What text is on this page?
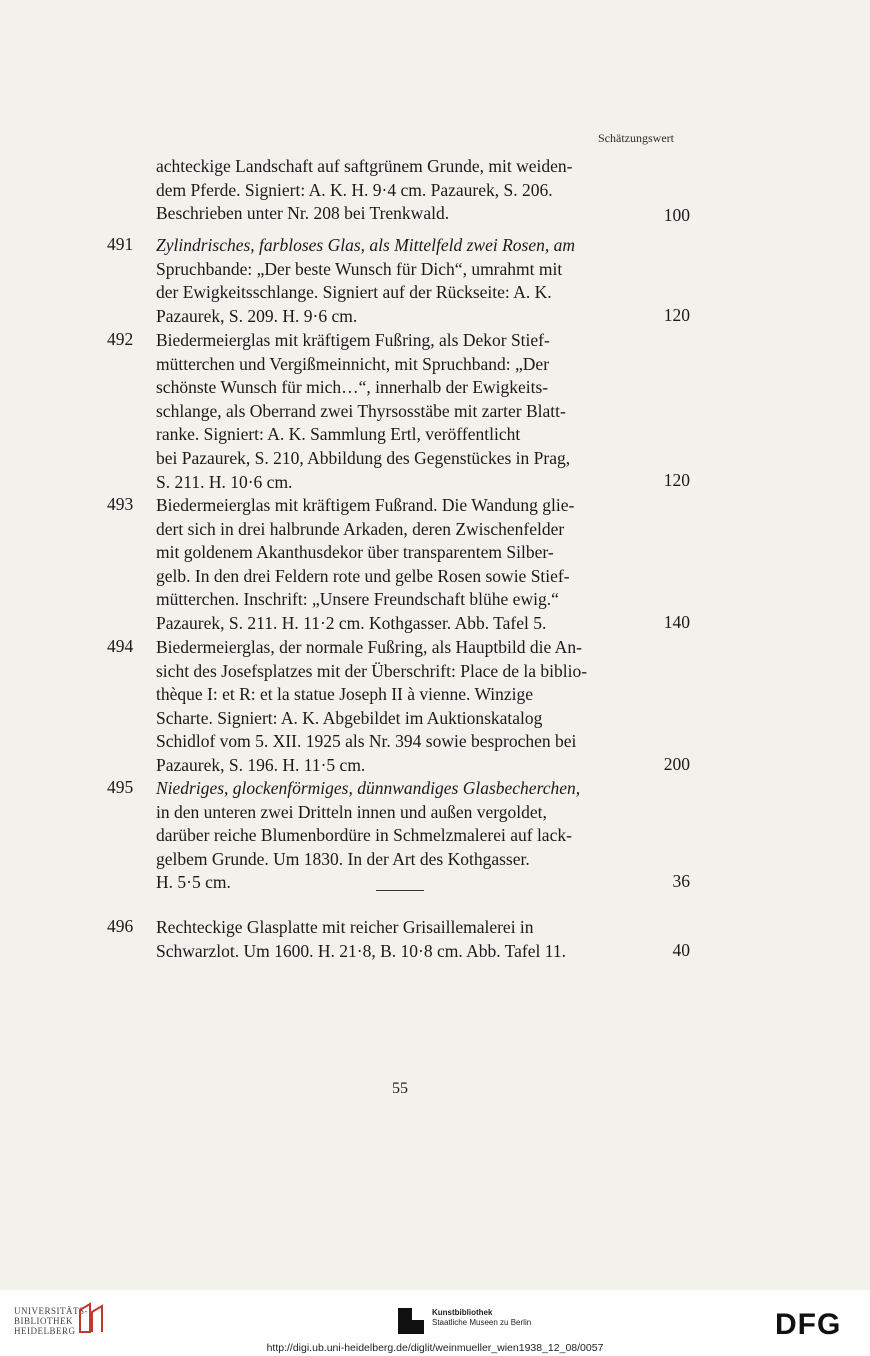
Schätzungswert
achteckige Landschaft auf saftgrünem Grunde, mit weiden-
dem Pferde. Signiert: A. K. H. 9·4 cm. Pazaurek, S. 206.
Beschrieben unter Nr. 208 bei Trenkwald.	100
491 Zylindrisches, farbloses Glas, als Mittelfeld zwei Rosen, am
Spruchbande: „Der beste Wunsch für Dich“, umrahmt mit
der Ewigkeitsschlange. Signiert auf der Rückseite: A. K.
Pazaurek, S. 209. H. 9·6 cm.	120
492 Biedermeierglas mit kräftigem Fußring, als Dekor Stief-
mütterchen und Vergißmeinnicht, mit Spruchband: „Der
schönste Wunsch für mich…“, innerhalb der Ewigkeits-
schlange, als Oberrand zwei Thyrsosstäbe mit zarter Blatt-
ranke. Signiert: A. K. Sammlung Ertl, veröffentlicht
bei Pazaurek, S. 210, Abbildung des Gegenstückes in Prag,
S. 211. H. 10·6 cm.	120
493 Biedermeierglas mit kräftigem Fußrand. Die Wandung glie-
dert sich in drei halbrunde Arkaden, deren Zwischenfelder
mit goldenem Akanthusdekor über transparentem Silber-
gelb. In den drei Feldern rote und gelbe Rosen sowie Stief-
mütterchen. Inschrift: „Unsere Freundschaft blühe ewig.“
Pazaurek, S. 211. H. 11·2 cm. Kothgasser. Abb. Tafel 5.	140
494 Biedermeierglas, der normale Fußring, als Hauptbild die An-
sicht des Josefsplatzes mit der Überschrift: Place de la biblio-
thèque I: et R: et la statue Joseph II à vienne. Winzige
Scharte. Signiert: A. K. Abgebildet im Auktionskatalog
Schidlof vom 5. XII. 1925 als Nr. 394 sowie besprochen bei
Pazaurek, S. 196. H. 11·5 cm.	200
495 Niedriges, glockenförmiges, dünnwandiges Glasbecherchen,
in den unteren zwei Dritteln innen und außen vergoldet,
darüber reiche Blumenbordüre in Schmelzmalerei auf lack-
gelbem Grunde. Um 1830. In der Art des Kothgasser.
H. 5·5 cm.	36
496 Rechteckige Glasplatte mit reicher Grisaillemalerei in
Schwarzlot. Um 1600. H. 21·8, B. 10·8 cm. Abb. Tafel 11.	40
55
UNIVERSITÄTS-
BIBLIOTHEK
HEIDELBERG
Kunstbibliothek
Staatliche Museen zu Berlin	DFG
http://digi.ub.uni-heidelberg.de/diglit/weinmueller_wien1938_12_08/0057
